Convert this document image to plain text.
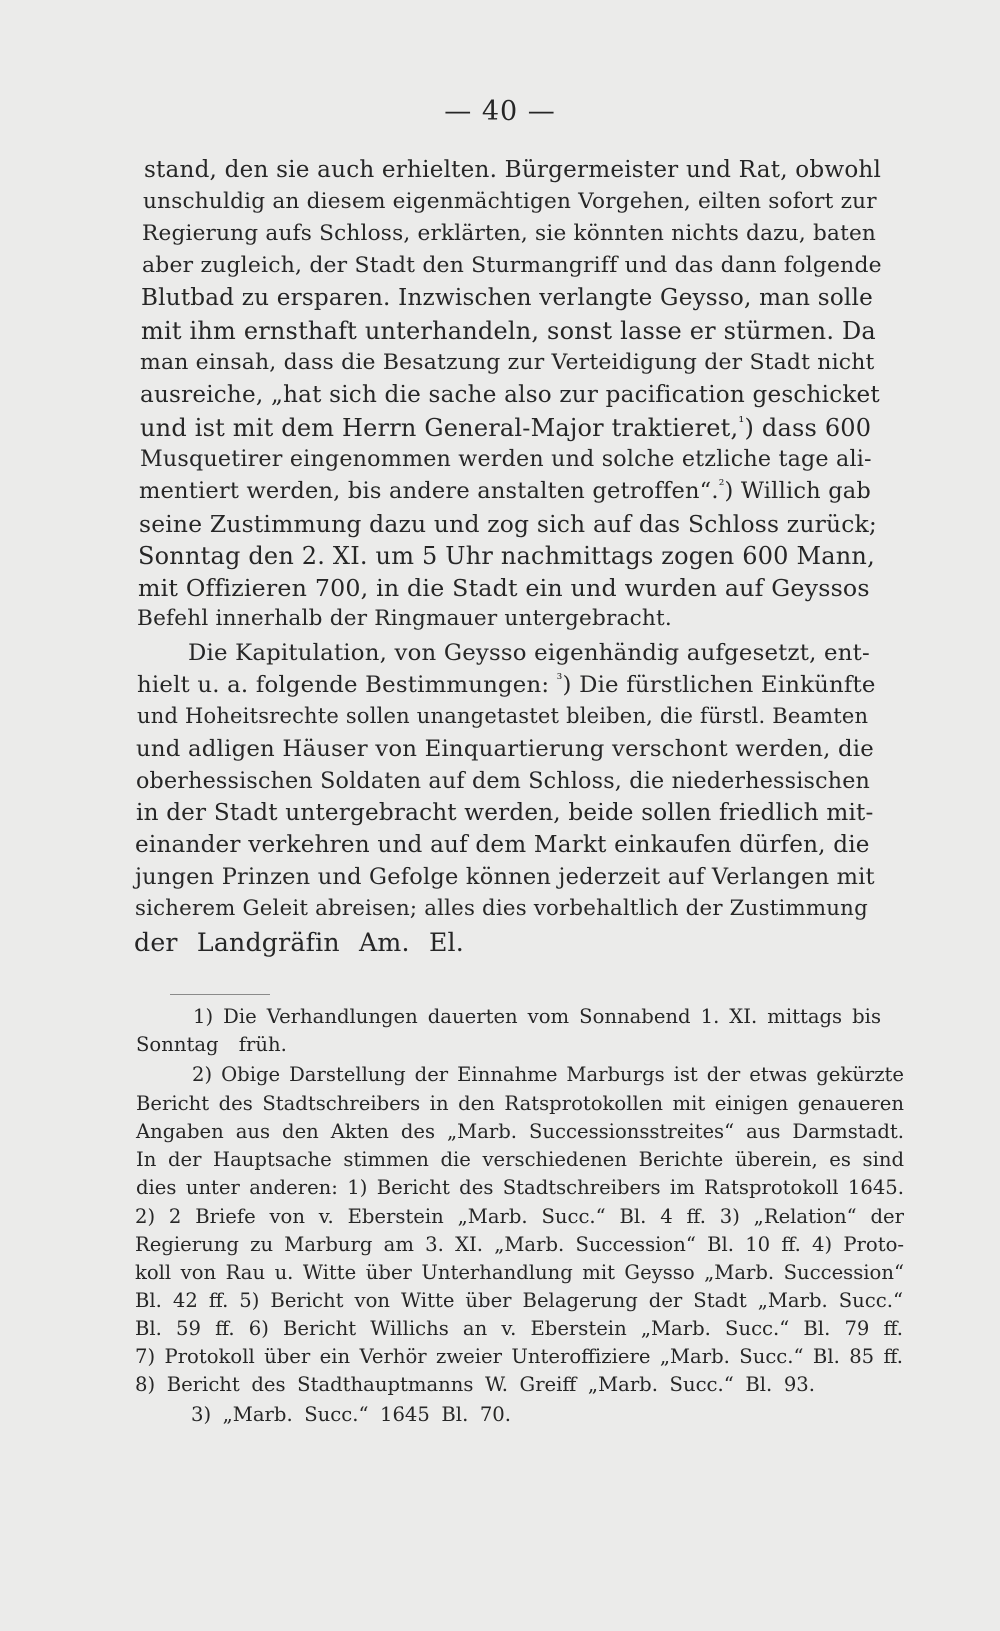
— 40 —
stand, den sie auch erhielten. Bürgermeister und Rat, obwohl
unschuldig an diesem eigenmächtigen Vorgehen, eilten sofort zur
Regierung aufs Schloss, erklärten, sie könnten nichts dazu, baten
aber zugleich, der Stadt den Sturmangriff und das dann folgende
Blutbad zu ersparen. Inzwischen verlangte Geysso, man solle
mit ihm ernsthaft unterhandeln, sonst lasse er stürmen. Da
man einsah, dass die Besatzung zur Verteidigung der Stadt nicht
ausreiche, „hat sich die sache also zur pacification geschicket
und ist mit dem Herrn General-Major traktieret,$^{^1}$) dass 600
Musquetirer eingenommen werden und solche etzliche tage ali-
mentiert werden, bis andere anstalten getroffen“.$^{^2}$) Willich gab
seine Zustimmung dazu und zog sich auf das Schloss zurück;
Sonntag den 2. XI. um 5 Uhr nachmittags zogen 600 Mann,
mit Offizieren 700, in die Stadt ein und wurden auf Geyssos
Befehl innerhalb der Ringmauer untergebracht.
Die Kapitulation, von Geysso eigenhändig aufgesetzt, ent-
hielt u. a. folgende Bestimmungen: $^{^3}$) Die fürstlichen Einkünfte
und Hoheitsrechte sollen unangetastet bleiben, die fürstl. Beamten
und adligen Häuser von Einquartierung verschont werden, die
oberhessischen Soldaten auf dem Schloss, die niederhessischen
in der Stadt untergebracht werden, beide sollen friedlich mit-
einander verkehren und auf dem Markt einkaufen dürfen, die
jungen Prinzen und Gefolge können jederzeit auf Verlangen mit
sicherem Geleit abreisen; alles dies vorbehaltlich der Zustimmung
der Landgräfin Am. El.
1) Die Verhandlungen dauerten vom Sonnabend 1. XI. mittags bis
Sonntag früh.
2) Obige Darstellung der Einnahme Marburgs ist der etwas gekürzte
Bericht des Stadtschreibers in den Ratsprotokollen mit einigen genaueren
Angaben aus den Akten des „Marb. Successionsstreites“ aus Darmstadt.
In der Hauptsache stimmen die verschiedenen Berichte überein, es sind
dies unter anderen: 1) Bericht des Stadtschreibers im Ratsprotokoll 1645.
2) 2 Briefe von v. Eberstein „Marb. Succ.“ Bl. 4 ff. 3) „Relation“ der
Regierung zu Marburg am 3. XI. „Marb. Succession“ Bl. 10 ff. 4) Proto-
koll von Rau u. Witte über Unterhandlung mit Geysso „Marb. Succession“
Bl. 42 ff. 5) Bericht von Witte über Belagerung der Stadt „Marb. Succ.“
Bl. 59 ff. 6) Bericht Willichs an v. Eberstein „Marb. Succ.“ Bl. 79 ff.
7) Protokoll über ein Verhör zweier Unteroffiziere „Marb. Succ.“ Bl. 85 ff.
8) Bericht des Stadthauptmanns W. Greiff „Marb. Succ.“ Bl. 93.
3) „Marb. Succ.“ 1645 Bl. 70.
